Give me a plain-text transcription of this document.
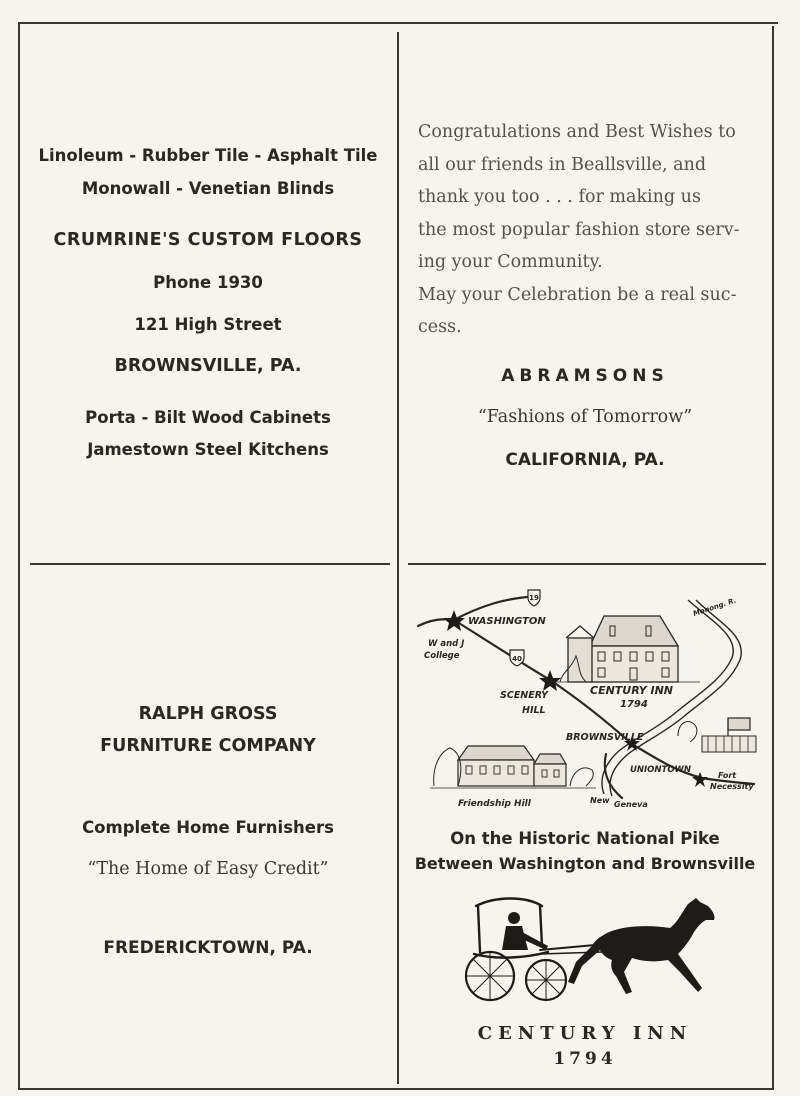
Linoleum - Rubber Tile - Asphalt Tile
Monowall - Venetian Blinds
CRUMRINE'S CUSTOM FLOORS
Phone 1930
121 High Street
BROWNSVILLE, PA.
Porta - Bilt Wood Cabinets
Jamestown Steel Kitchens
Congratulations and Best Wishes to
all our friends in Beallsville, and
thank you too . . . for making us
the most popular fashion store serv-
ing your Community.
May your Celebration be a real suc-
cess.
ABRAMSONS
“Fashions of Tomorrow”
CALIFORNIA, PA.
RALPH GROSS
FURNITURE COMPANY
Complete Home Furnishers
“The Home of Easy Credit”
FREDERICKTOWN, PA.
19
40
WASHINGTON
W and J
College
SCENERY
HILL
CENTURY INN
1794
Monong. R.
BROWNSVILLE
UNIONTOWN
Fort
Necessity
Friendship Hill	New Geneva
On the Historic National Pike
Between Washington and Brownsville
CENTURY INN
1794
